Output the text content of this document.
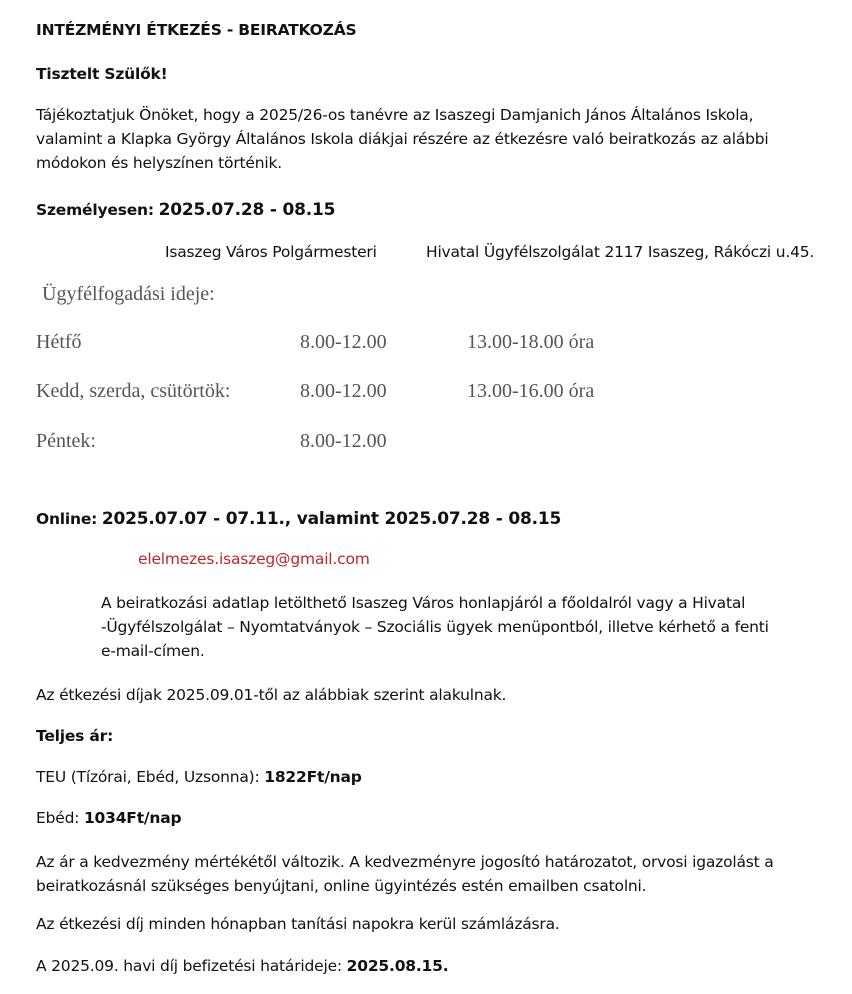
INTÉZMÉNYI ÉTKEZÉS - BEIRATKOZÁS
Tisztelt Szülők!
Tájékoztatjuk Önöket, hogy a 2025/26-os tanévre az Isaszegi Damjanich János Általános Iskola,
valamint a Klapka György Általános Iskola diákjai részére az étkezésre való beiratkozás az alábbi
módokon és helyszínen történik.
Személyesen: 2025.07.28 - 08.15
Isaszeg Város Polgármesteri	Hivatal Ügyfélszolgálat 2117 Isaszeg, Rákóczi u.45.
Ügyfélfogadási ideje:
Hétfő	8.00-12.00	13.00-18.00 óra
Kedd, szerda, csütörtök:	8.00-12.00	13.00-16.00 óra
Péntek:	8.00-12.00
Online: 2025.07.07 - 07.11., valamint 2025.07.28 - 08.15
elelmezes.isaszeg@gmail.com
A beiratkozási adatlap letölthető Isaszeg Város honlapjáról a főoldalról vagy a Hivatal
-Ügyfélszolgálat – Nyomtatványok – Szociális ügyek menüpontból, illetve kérhető a fenti
e-mail-címen.
Az étkezési díjak 2025.09.01-től az alábbiak szerint alakulnak.
Teljes ár:
TEU (Tízórai, Ebéd, Uzsonna): 1822Ft/nap
Ebéd: 1034Ft/nap
Az ár a kedvezmény mértékétől változik. A kedvezményre jogosító határozatot, orvosi igazolást a
beiratkozásnál szükséges benyújtani, online ügyintézés estén emailben csatolni.
Az étkezési díj minden hónapban tanítási napokra kerül számlázásra.
A 2025.09. havi díj befizetési határideje: 2025.08.15.
